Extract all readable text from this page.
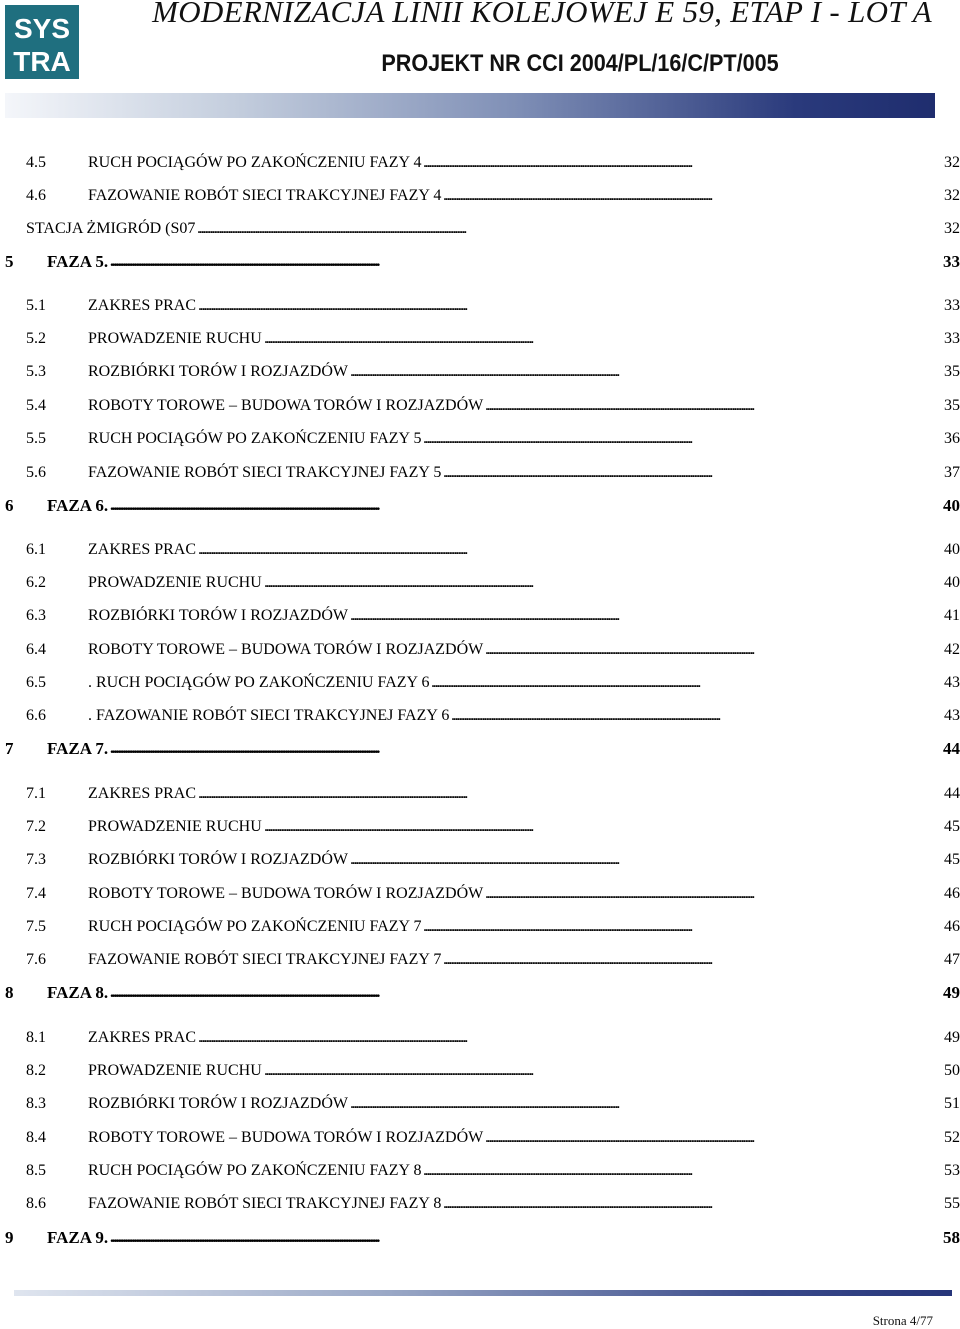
SYS
TRA
MODERNIZACJA LINII KOLEJOWEJ E 59, ETAP I - LOT A
PROJEKT NR CCI 2004/PL/16/C/PT/005
4.5	RUCH POCIĄGÓW PO ZAKOŃCZENIU FAZY 4 . . .	32
4.6	FAZOWANIE ROBÓT SIECI TRAKCYJNEJ FAZY 4 . . .	32
STACJA ŻMIGRÓD (S07 . . .	32
5 FAZA 5. . . .	33
5.1	ZAKRES PRAC . . .	33
5.2	PROWADZENIE RUCHU . . .	33
5.3	ROZBIÓRKI TORÓW I ROZJAZDÓW . . .	35
5.4	ROBOTY TOROWE – BUDOWA TORÓW I ROZJAZDÓW . . .	35
5.5	RUCH POCIĄGÓW PO ZAKOŃCZENIU FAZY 5 . . .	36
5.6	FAZOWANIE ROBÓT SIECI TRAKCYJNEJ FAZY 5 . . .	37
6 FAZA 6. . . .	40
6.1	ZAKRES PRAC . . .	40
6.2	PROWADZENIE RUCHU . . .	40
6.3	ROZBIÓRKI TORÓW I ROZJAZDÓW . . .	41
6.4	ROBOTY TOROWE – BUDOWA TORÓW I ROZJAZDÓW . . .	42
6.5	. RUCH POCIĄGÓW PO ZAKOŃCZENIU FAZY 6 . . .	43
6.6	. FAZOWANIE ROBÓT SIECI TRAKCYJNEJ FAZY 6 . . .	43
7 FAZA 7. . . .	44
7.1	ZAKRES PRAC . . .	44
7.2	PROWADZENIE RUCHU . . .	45
7.3	ROZBIÓRKI TORÓW I ROZJAZDÓW . . .	45
7.4	ROBOTY TOROWE – BUDOWA TORÓW I ROZJAZDÓW . . .	46
7.5	RUCH POCIĄGÓW PO ZAKOŃCZENIU FAZY 7 . . .	46
7.6	FAZOWANIE ROBÓT SIECI TRAKCYJNEJ FAZY 7 . . .	47
8 FAZA 8. . . .	49
8.1	ZAKRES PRAC . . .	49
8.2	PROWADZENIE RUCHU . . .	50
8.3	ROZBIÓRKI TORÓW I ROZJAZDÓW . . .	51
8.4	ROBOTY TOROWE – BUDOWA TORÓW I ROZJAZDÓW . . .	52
8.5	RUCH POCIĄGÓW PO ZAKOŃCZENIU FAZY 8 . . .	53
8.6	FAZOWANIE ROBÓT SIECI TRAKCYJNEJ FAZY 8 . . .	55
9 FAZA 9. . . .	58
Strona 4/77
